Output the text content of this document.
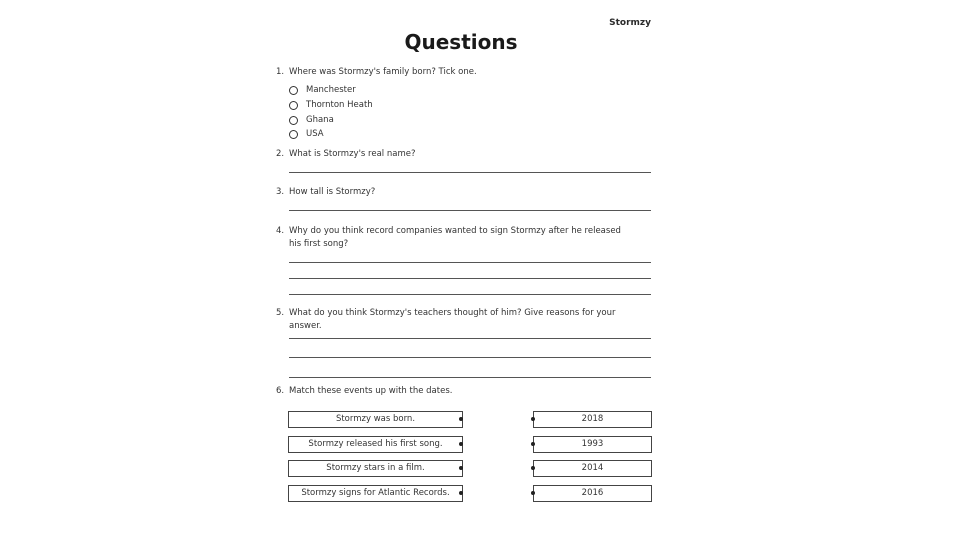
Stormzy
Questions
1. Where was Stormzy's family born? Tick one.
Manchester
Thornton Heath
Ghana
USA
2. What is Stormzy's real name?
3. How tall is Stormzy?
4. Why do you think record companies wanted to sign Stormzy after he released his first song?
5. What do you think Stormzy's teachers thought of him? Give reasons for your answer.
6. Match these events up with the dates.
Stormzy was born.
Stormzy released his first song.
Stormzy stars in a film.
Stormzy signs for Atlantic Records.
2018
1993
2014
2016
